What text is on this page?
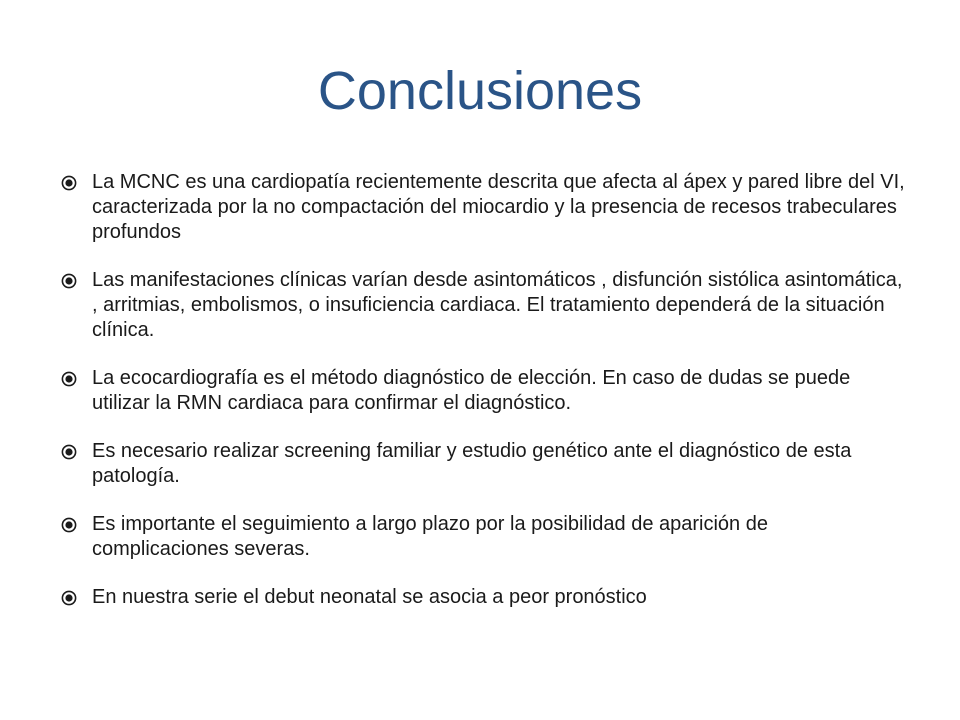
Conclusiones
La MCNC es una cardiopatía recientemente descrita que afecta al ápex y pared libre del VI, caracterizada por la no compactación del miocardio y la presencia de recesos trabeculares profundos
Las manifestaciones clínicas varían desde asintomáticos , disfunción sistólica asintomática, , arritmias, embolismos, o insuficiencia cardiaca. El tratamiento dependerá de la situación clínica.
La ecocardiografía es el método diagnóstico de elección. En caso de dudas se puede utilizar la RMN cardiaca para confirmar el diagnóstico.
Es necesario realizar screening familiar y estudio genético ante el diagnóstico de esta patología.
Es importante el seguimiento a largo plazo por la posibilidad de aparición de complicaciones severas.
En nuestra serie el debut neonatal se asocia a peor pronóstico
